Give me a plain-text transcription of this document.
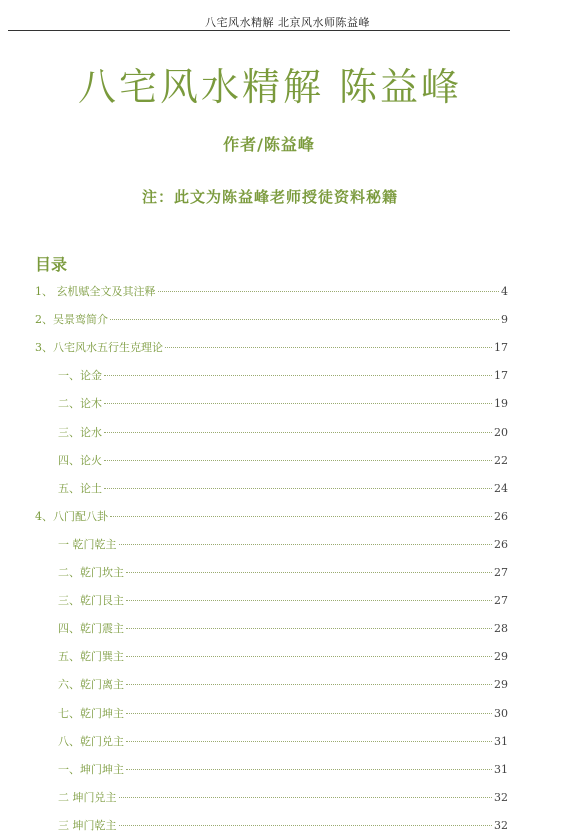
八宅风水精解 北京风水师陈益峰
八宅风水精解 陈益峰
作者/陈益峰
注：此文为陈益峰老师授徒资料秘籍
目录
1、 玄机赋全文及其注释	4
2、吴景鸾简介	9
3、八宅风水五行生克理论	17
一、论金	17
二、论木	19
三、论水	20
四、论火	22
五、论土	24
4、八门配八卦	26
一 乾门乾主	26
二、乾门坎主	27
三、乾门艮主	27
四、乾门震主	28
五、乾门巽主	29
六、乾门离主	29
七、乾门坤主	30
八、乾门兑主	31
一、坤门坤主	31
二 坤门兑主	32
三 坤门乾主	32
